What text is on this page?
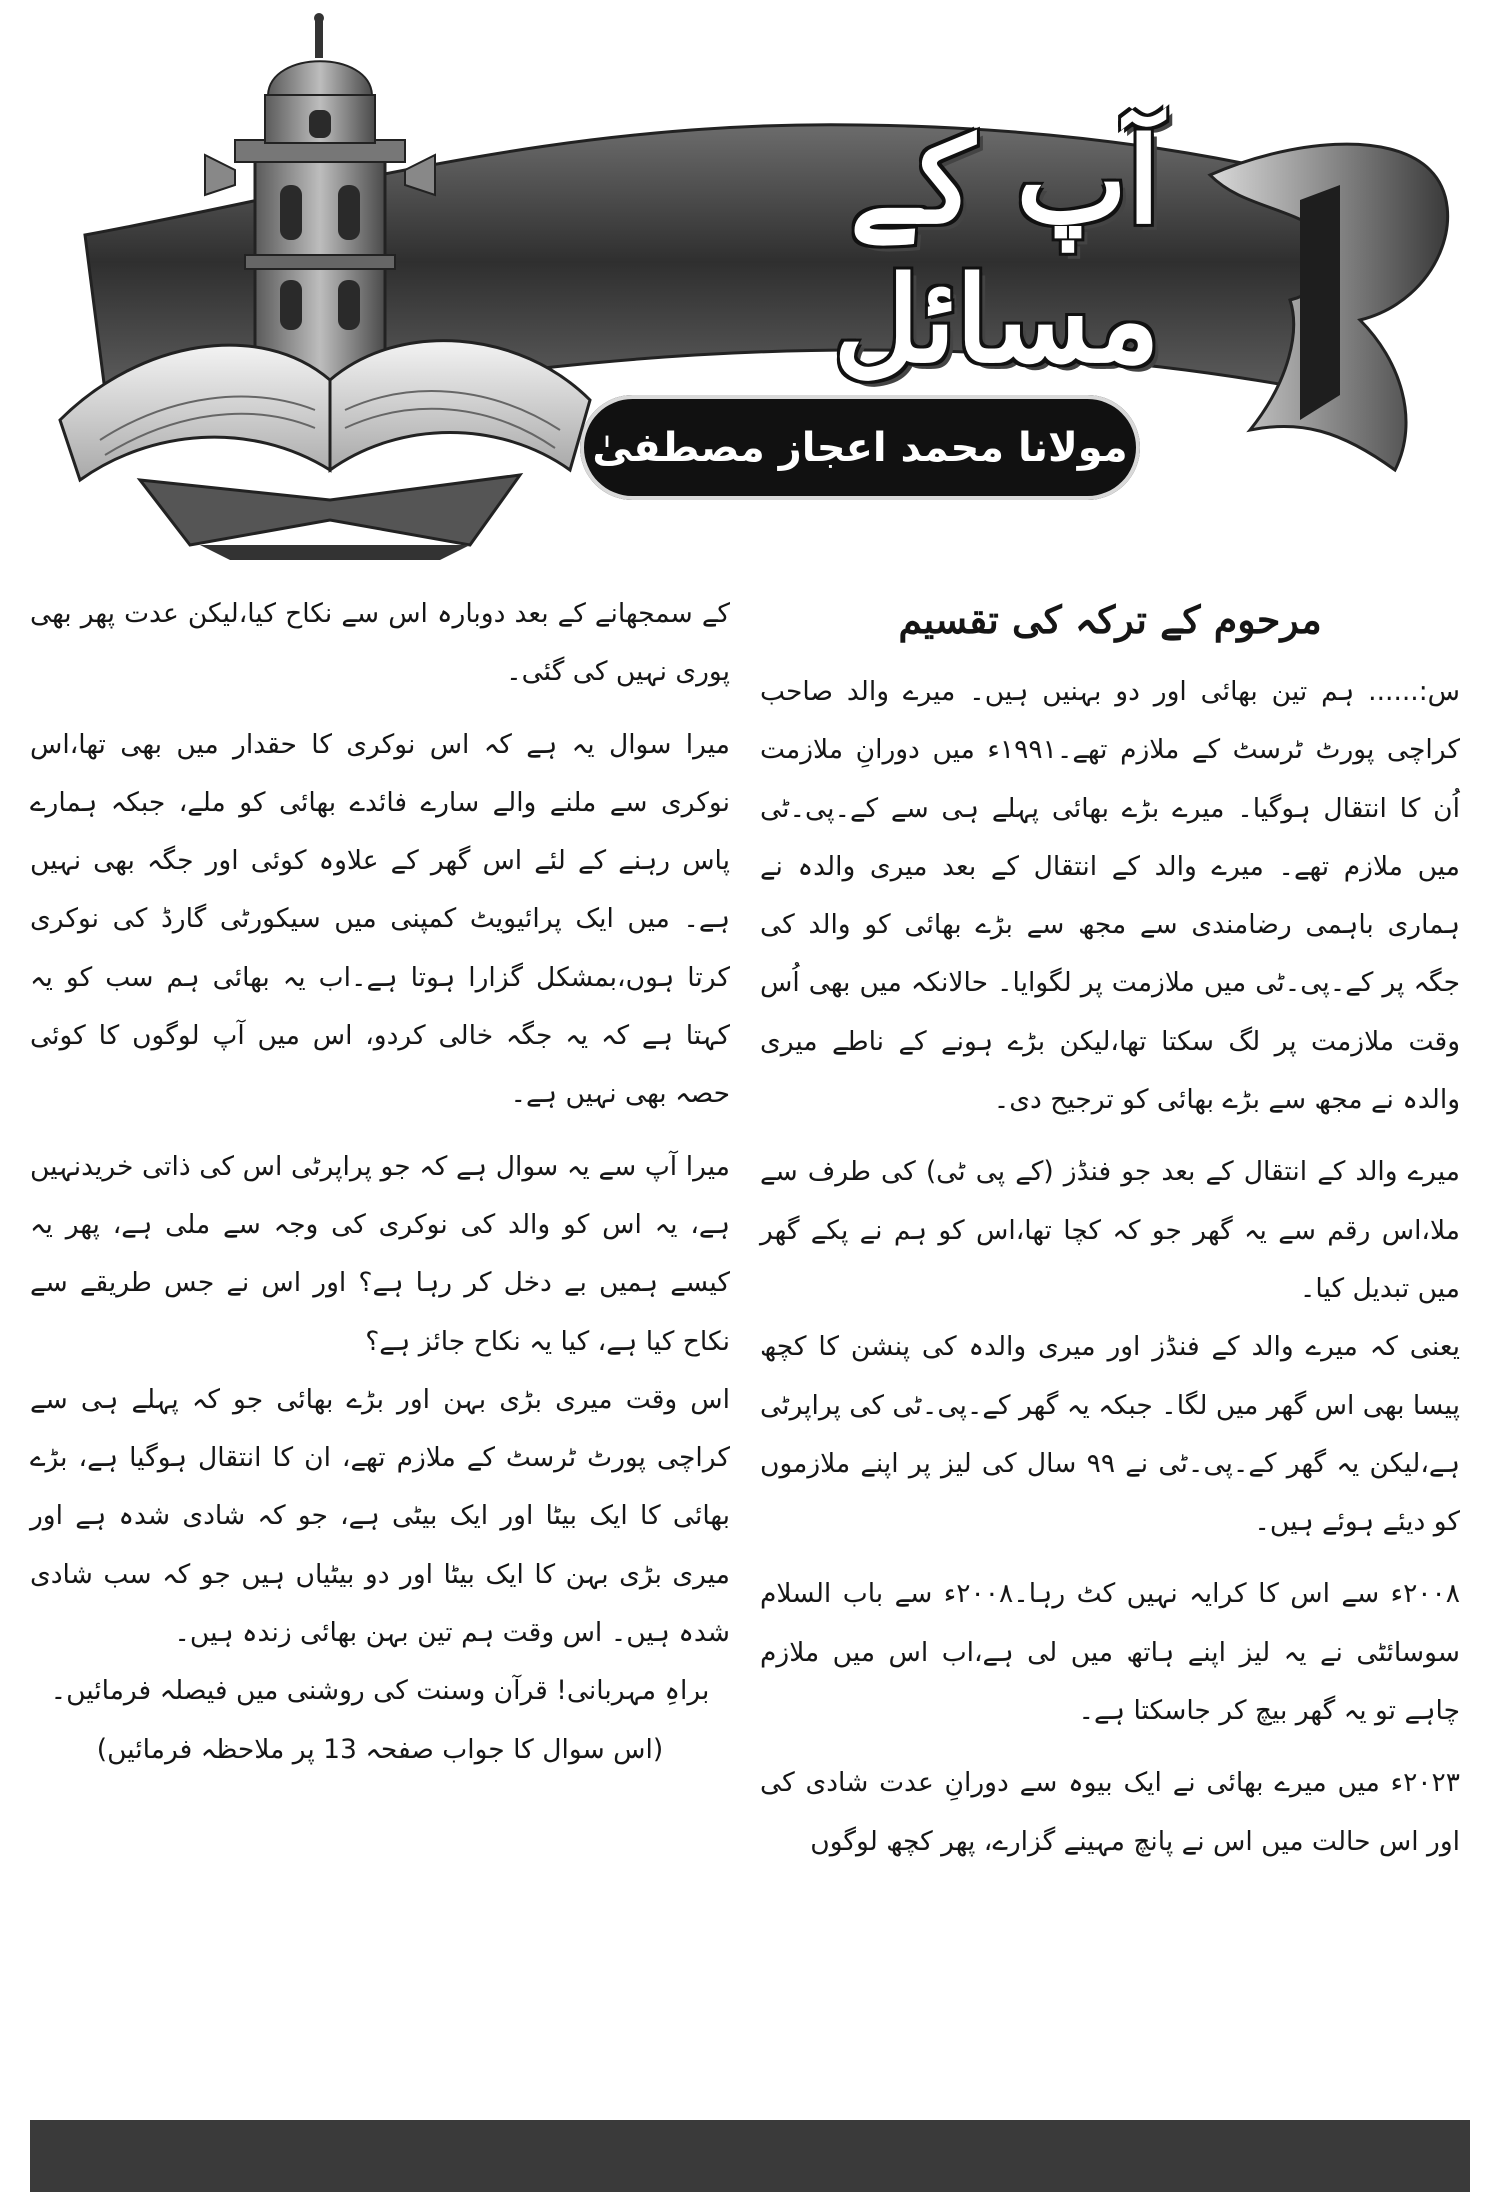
آپ کے مسائل
مولانا محمد اعجاز مصطفیٰ
مرحوم کے ترکہ کی تقسیم

س:...... ہم تین بھائی اور دو بہنیں ہیں۔ میرے والد صاحب کراچی پورٹ ٹرسٹ کے ملازم تھے۔۱۹۹۱ء میں دورانِ ملازمت اُن کا انتقال ہوگیا۔ میرے بڑے بھائی پہلے ہی سے کے۔پی۔ٹی میں ملازم تھے۔ میرے والد کے انتقال کے بعد میری والدہ نے ہماری باہمی رضامندی سے مجھ سے بڑے بھائی کو والد کی جگہ پر کے۔پی۔ٹی میں ملازمت پر لگوایا۔ حالانکہ میں بھی اُس وقت ملازمت پر لگ سکتا تھا،لیکن بڑے ہونے کے ناطے میری والدہ نے مجھ سے بڑے بھائی کو ترجیح دی۔

میرے والد کے انتقال کے بعد جو فنڈز (کے پی ٹی) کی طرف سے ملا،اس رقم سے یہ گھر جو کہ کچا تھا،اس کو ہم نے پکے گھر میں تبدیل کیا۔

یعنی کہ میرے والد کے فنڈز اور میری والدہ کی پنشن کا کچھ پیسا بھی اس گھر میں لگا۔ جبکہ یہ گھر کے۔پی۔ٹی کی پراپرٹی ہے،لیکن یہ گھر کے۔پی۔ٹی نے ۹۹ سال کی لیز پر اپنے ملازموں کو دیئے ہوئے ہیں۔

۲۰۰۸ء سے اس کا کرایہ نہیں کٹ رہا۔۲۰۰۸ء سے باب السلام سوسائٹی نے یہ لیز اپنے ہاتھ میں لی ہے،اب اس میں ملازم چاہے تو یہ گھر بیچ کر جاسکتا ہے۔

۲۰۲۳ء میں میرے بھائی نے ایک بیوہ سے دورانِ عدت شادی کی اور اس حالت میں اس نے پانچ مہینے گزارے، پھر کچھ لوگوں

کے سمجھانے کے بعد دوبارہ اس سے نکاح کیا،لیکن عدت پھر بھی پوری نہیں کی گئی۔

میرا سوال یہ ہے کہ اس نوکری کا حقدار میں بھی تھا،اس نوکری سے ملنے والے سارے فائدے بھائی کو ملے، جبکہ ہمارے پاس رہنے کے لئے اس گھر کے علاوہ کوئی اور جگہ بھی نہیں ہے۔ میں ایک پرائیویٹ کمپنی میں سیکورٹی گارڈ کی نوکری کرتا ہوں،بمشکل گزارا ہوتا ہے۔اب یہ بھائی ہم سب کو یہ کہتا ہے کہ یہ جگہ خالی کردو، اس میں آپ لوگوں کا کوئی حصہ بھی نہیں ہے۔

میرا آپ سے یہ سوال ہے کہ جو پراپرٹی اس کی ذاتی خریدنہیں ہے، یہ اس کو والد کی نوکری کی وجہ سے ملی ہے، پھر یہ کیسے ہمیں بے دخل کر رہا ہے؟ اور اس نے جس طریقے سے نکاح کیا ہے، کیا یہ نکاح جائز ہے؟

اس وقت میری بڑی بہن اور بڑے بھائی جو کہ پہلے ہی سے کراچی پورٹ ٹرسٹ کے ملازم تھے، ان کا انتقال ہوگیا ہے، بڑے بھائی کا ایک بیٹا اور ایک بیٹی ہے، جو کہ شادی شدہ ہے اور میری بڑی بہن کا ایک بیٹا اور دو بیٹیاں ہیں جو کہ سب شادی شدہ ہیں۔ اس وقت ہم تین بہن بھائی زندہ ہیں۔

براہِ مہربانی! قرآن وسنت کی روشنی میں فیصلہ فرمائیں۔

(اس سوال کا جواب صفحہ 13 پر ملاحظہ فرمائیں)
